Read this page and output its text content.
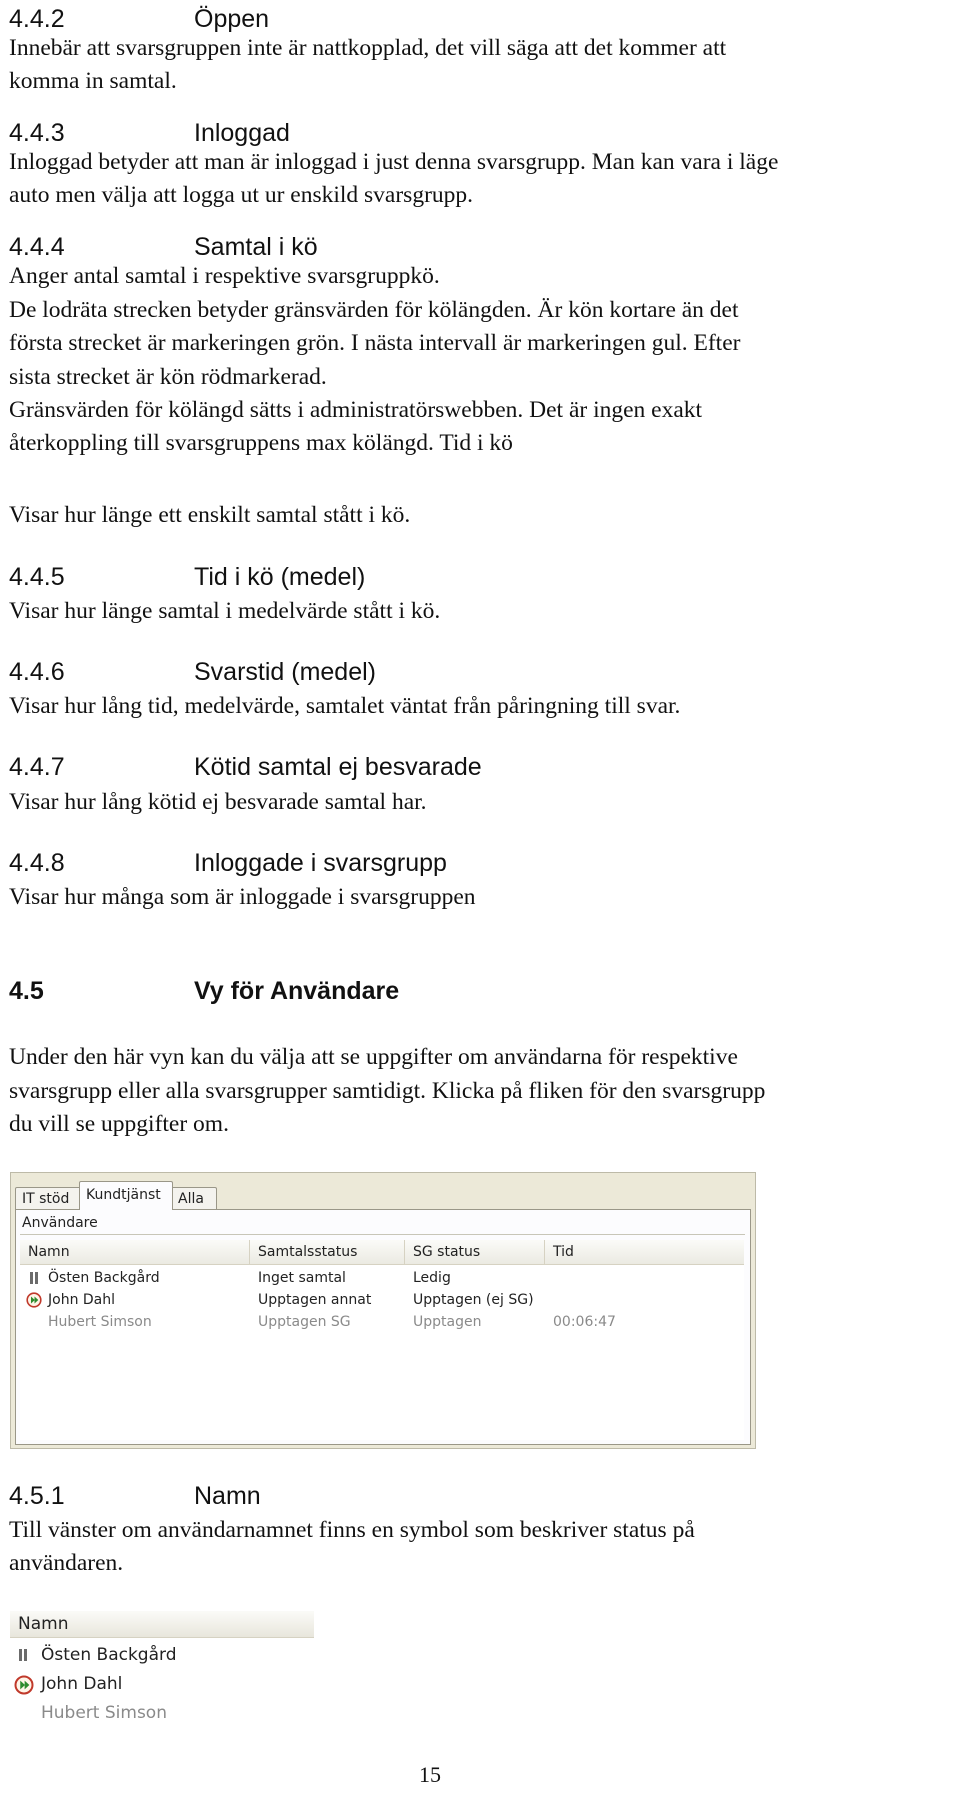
4.4.2	Öppen
Innebär att svarsgruppen inte är nattkopplad, det vill säga att det kommer att
komma in samtal.
4.4.3	Inloggad
Inloggad betyder att man är inloggad i just denna svarsgrupp. Man kan vara i läge
auto men välja att logga ut ur enskild svarsgrupp.
4.4.4	Samtal i kö
Anger antal samtal i respektive svarsgruppkö.
De lodräta strecken betyder gränsvärden för kölängden. Är kön kortare än det
första strecket är markeringen grön. I nästa intervall är markeringen gul. Efter
sista strecket är kön rödmarkerad.
Gränsvärden för kölängd sätts i administratörswebben. Det är ingen exakt
återkoppling till svarsgruppens max kölängd. Tid i kö
Visar hur länge ett enskilt samtal stått i kö.
4.4.5	Tid i kö (medel)
Visar hur länge samtal i medelvärde stått i kö.
4.4.6	Svarstid (medel)
Visar hur lång tid, medelvärde, samtalet väntat från påringning till svar.
4.4.7	Kötid samtal ej besvarade
Visar hur lång kötid ej besvarade samtal har.
4.4.8	Inloggade i svarsgrupp
Visar hur många som är inloggade i svarsgruppen
4.5	Vy för Användare
Under den här vyn kan du välja att se uppgifter om användarna för respektive
svarsgrupp eller alla svarsgrupper samtidigt. Klicka på fliken för den svarsgrupp
du vill se uppgifter om.
IT stöd	Kundtjänst	Alla
Användare
Namn	Samtalsstatus	SG status	Tid
Östen Backgård	Inget samtal	Ledig
John Dahl	Upptagen annat	Upptagen (ej SG)
Hubert Simson	Upptagen SG	Upptagen	00:06:47
4.5.1	Namn
Till vänster om användarnamnet finns en symbol som beskriver status på
användaren.
Namn
Östen Backgård
John Dahl
Hubert Simson
15
